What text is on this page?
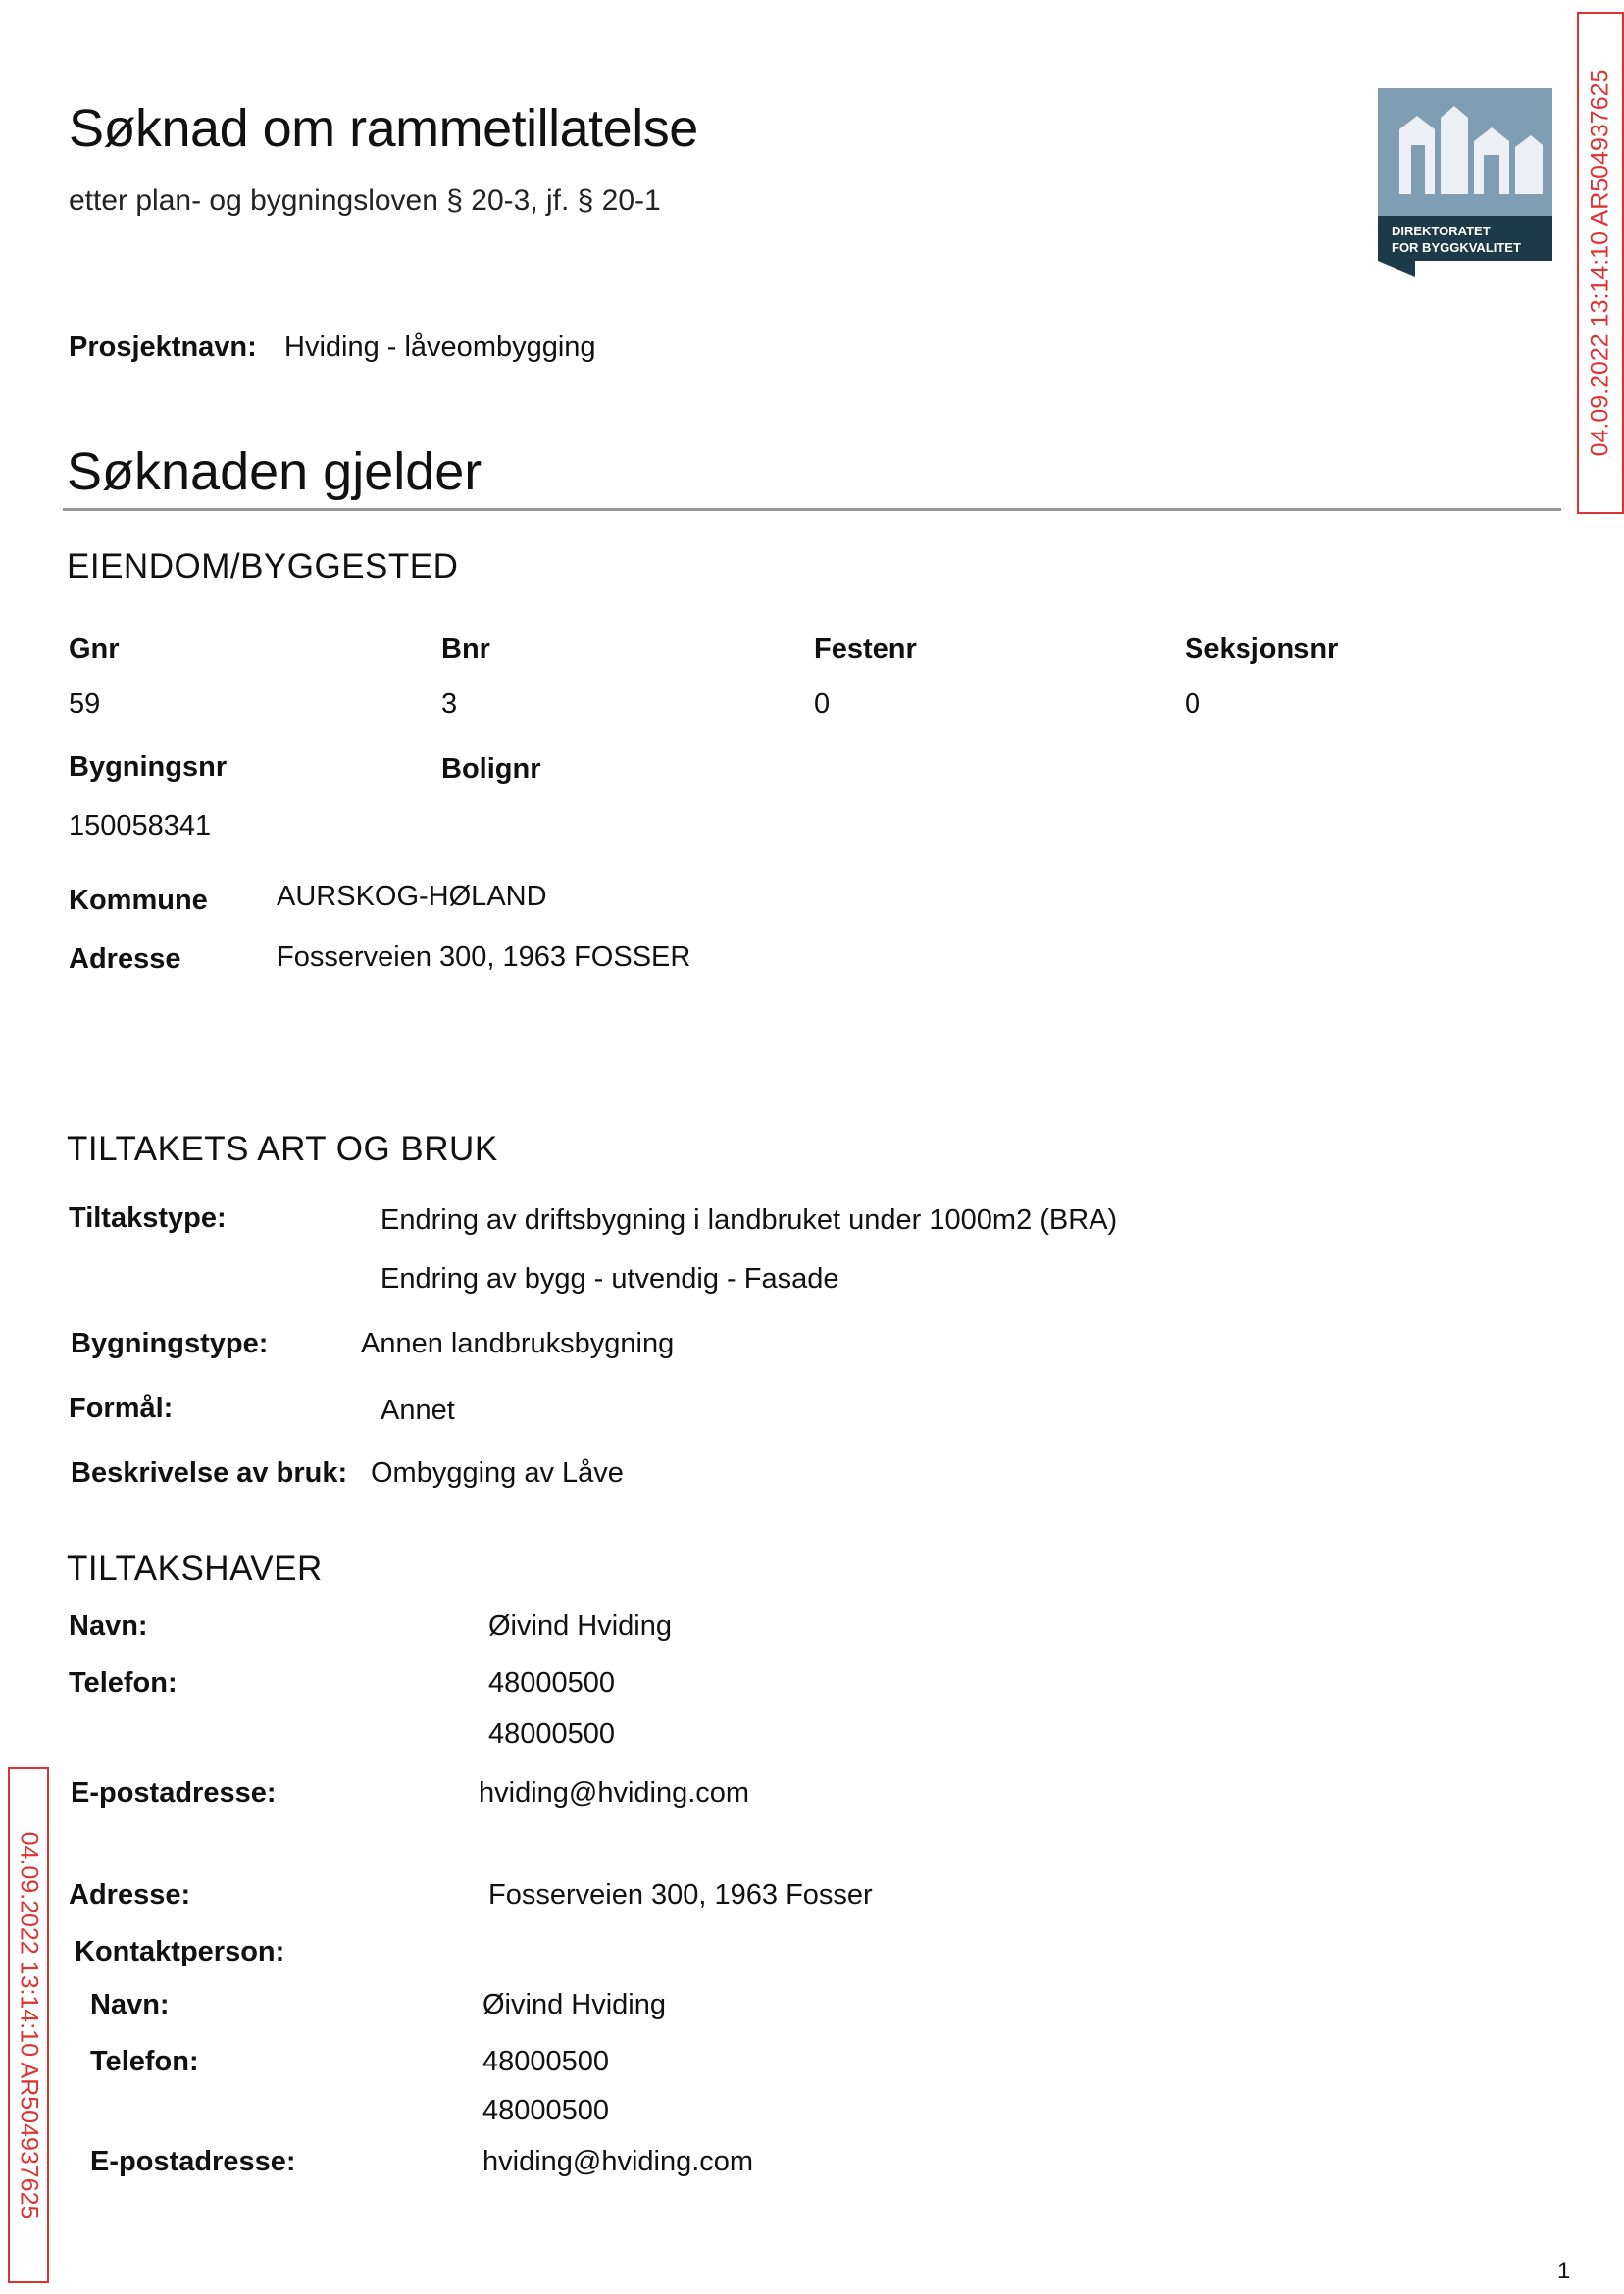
Søknad om rammetillatelse
etter plan- og bygningsloven § 20-3, jf. § 20-1
DIREKTORATET
FOR BYGGKVALITET	04.09.2022 13:14:10 AR504937625
04.09.2022 13:14:10 AR504937625
Prosjektnavn: Hviding - låveombygging
Søknaden gjelder
EIENDOM/BYGGESTED
Gnr
59
Bnr
3
Festenr
0
Seksjonsnr
0
Bygningsnr
150058341
Bolignr
Kommune AURSKOG-HØLAND
Adresse	Fosserveien 300, 1963 FOSSER
TILTAKETS ART OG BRUK
Tiltakstype:	Endring av driftsbygning i landbruket under 1000m2 (BRA)
Endring av bygg - utvendig - Fasade
Bygningstype:	Annen landbruksbygning
Formål:	Annet
Beskrivelse av bruk: Ombygging av Låve
TILTAKSHAVER
Navn:	Øivind Hviding
Telefon:	48000500
48000500
E-postadresse:	hviding@hviding.com
Adresse:	Fosserveien 300, 1963 Fosser
Kontaktperson:
Navn:	Øivind Hviding
Telefon:	48000500
48000500
E-postadresse:	hviding@hviding.com
1
